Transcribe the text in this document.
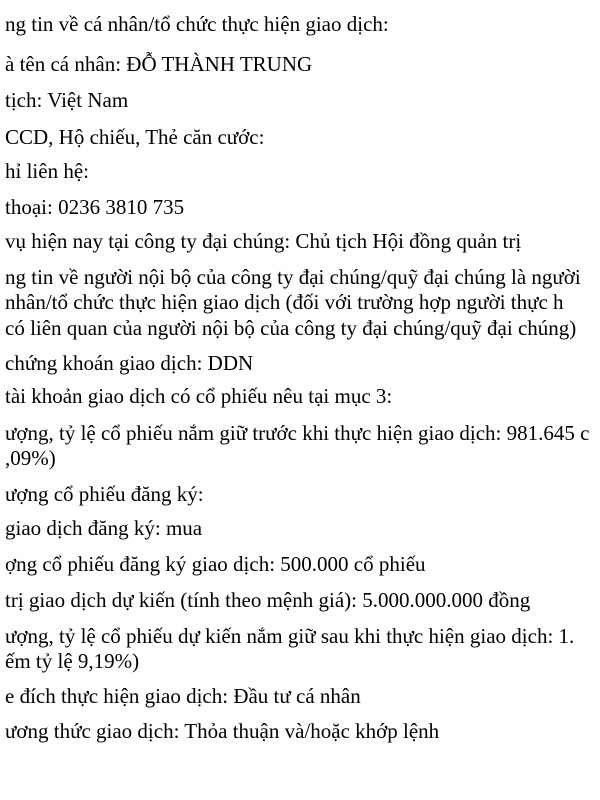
ng tin về cá nhân/tổ chức thực hiện giao dịch:
à tên cá nhân: ĐỖ THÀNH TRUNG
tịch: Việt Nam
CCD, Hộ chiếu, Thẻ căn cước:
hỉ liên hệ:
thoại: 0236 3810 735
vụ hiện nay tại công ty đại chúng: Chủ tịch Hội đồng quản trị
ng tin về người nội bộ của công ty đại chúng/quỹ đại chúng là người
nhân/tổ chức thực hiện giao dịch (đối với trường hợp người thực h
có liên quan của người nội bộ của công ty đại chúng/quỹ đại chúng)
chứng khoán giao dịch: DDN
tài khoản giao dịch có cổ phiếu nêu tại mục 3:
ượng, tỷ lệ cổ phiếu nắm giữ trước khi thực hiện giao dịch: 981.645 c
,09%)
ượng cổ phiếu đăng ký:
giao dịch đăng ký: mua
ợng cổ phiếu đăng ký giao dịch: 500.000 cổ phiếu
trị giao dịch dự kiến (tính theo mệnh giá): 5.000.000.000 đồng
ượng, tỷ lệ cổ phiếu dự kiến nắm giữ sau khi thực hiện giao dịch: 1.
ếm tỷ lệ 9,19%)
e đích thực hiện giao dịch: Đầu tư cá nhân
ương thức giao dịch: Thỏa thuận và/hoặc khớp lệnh
